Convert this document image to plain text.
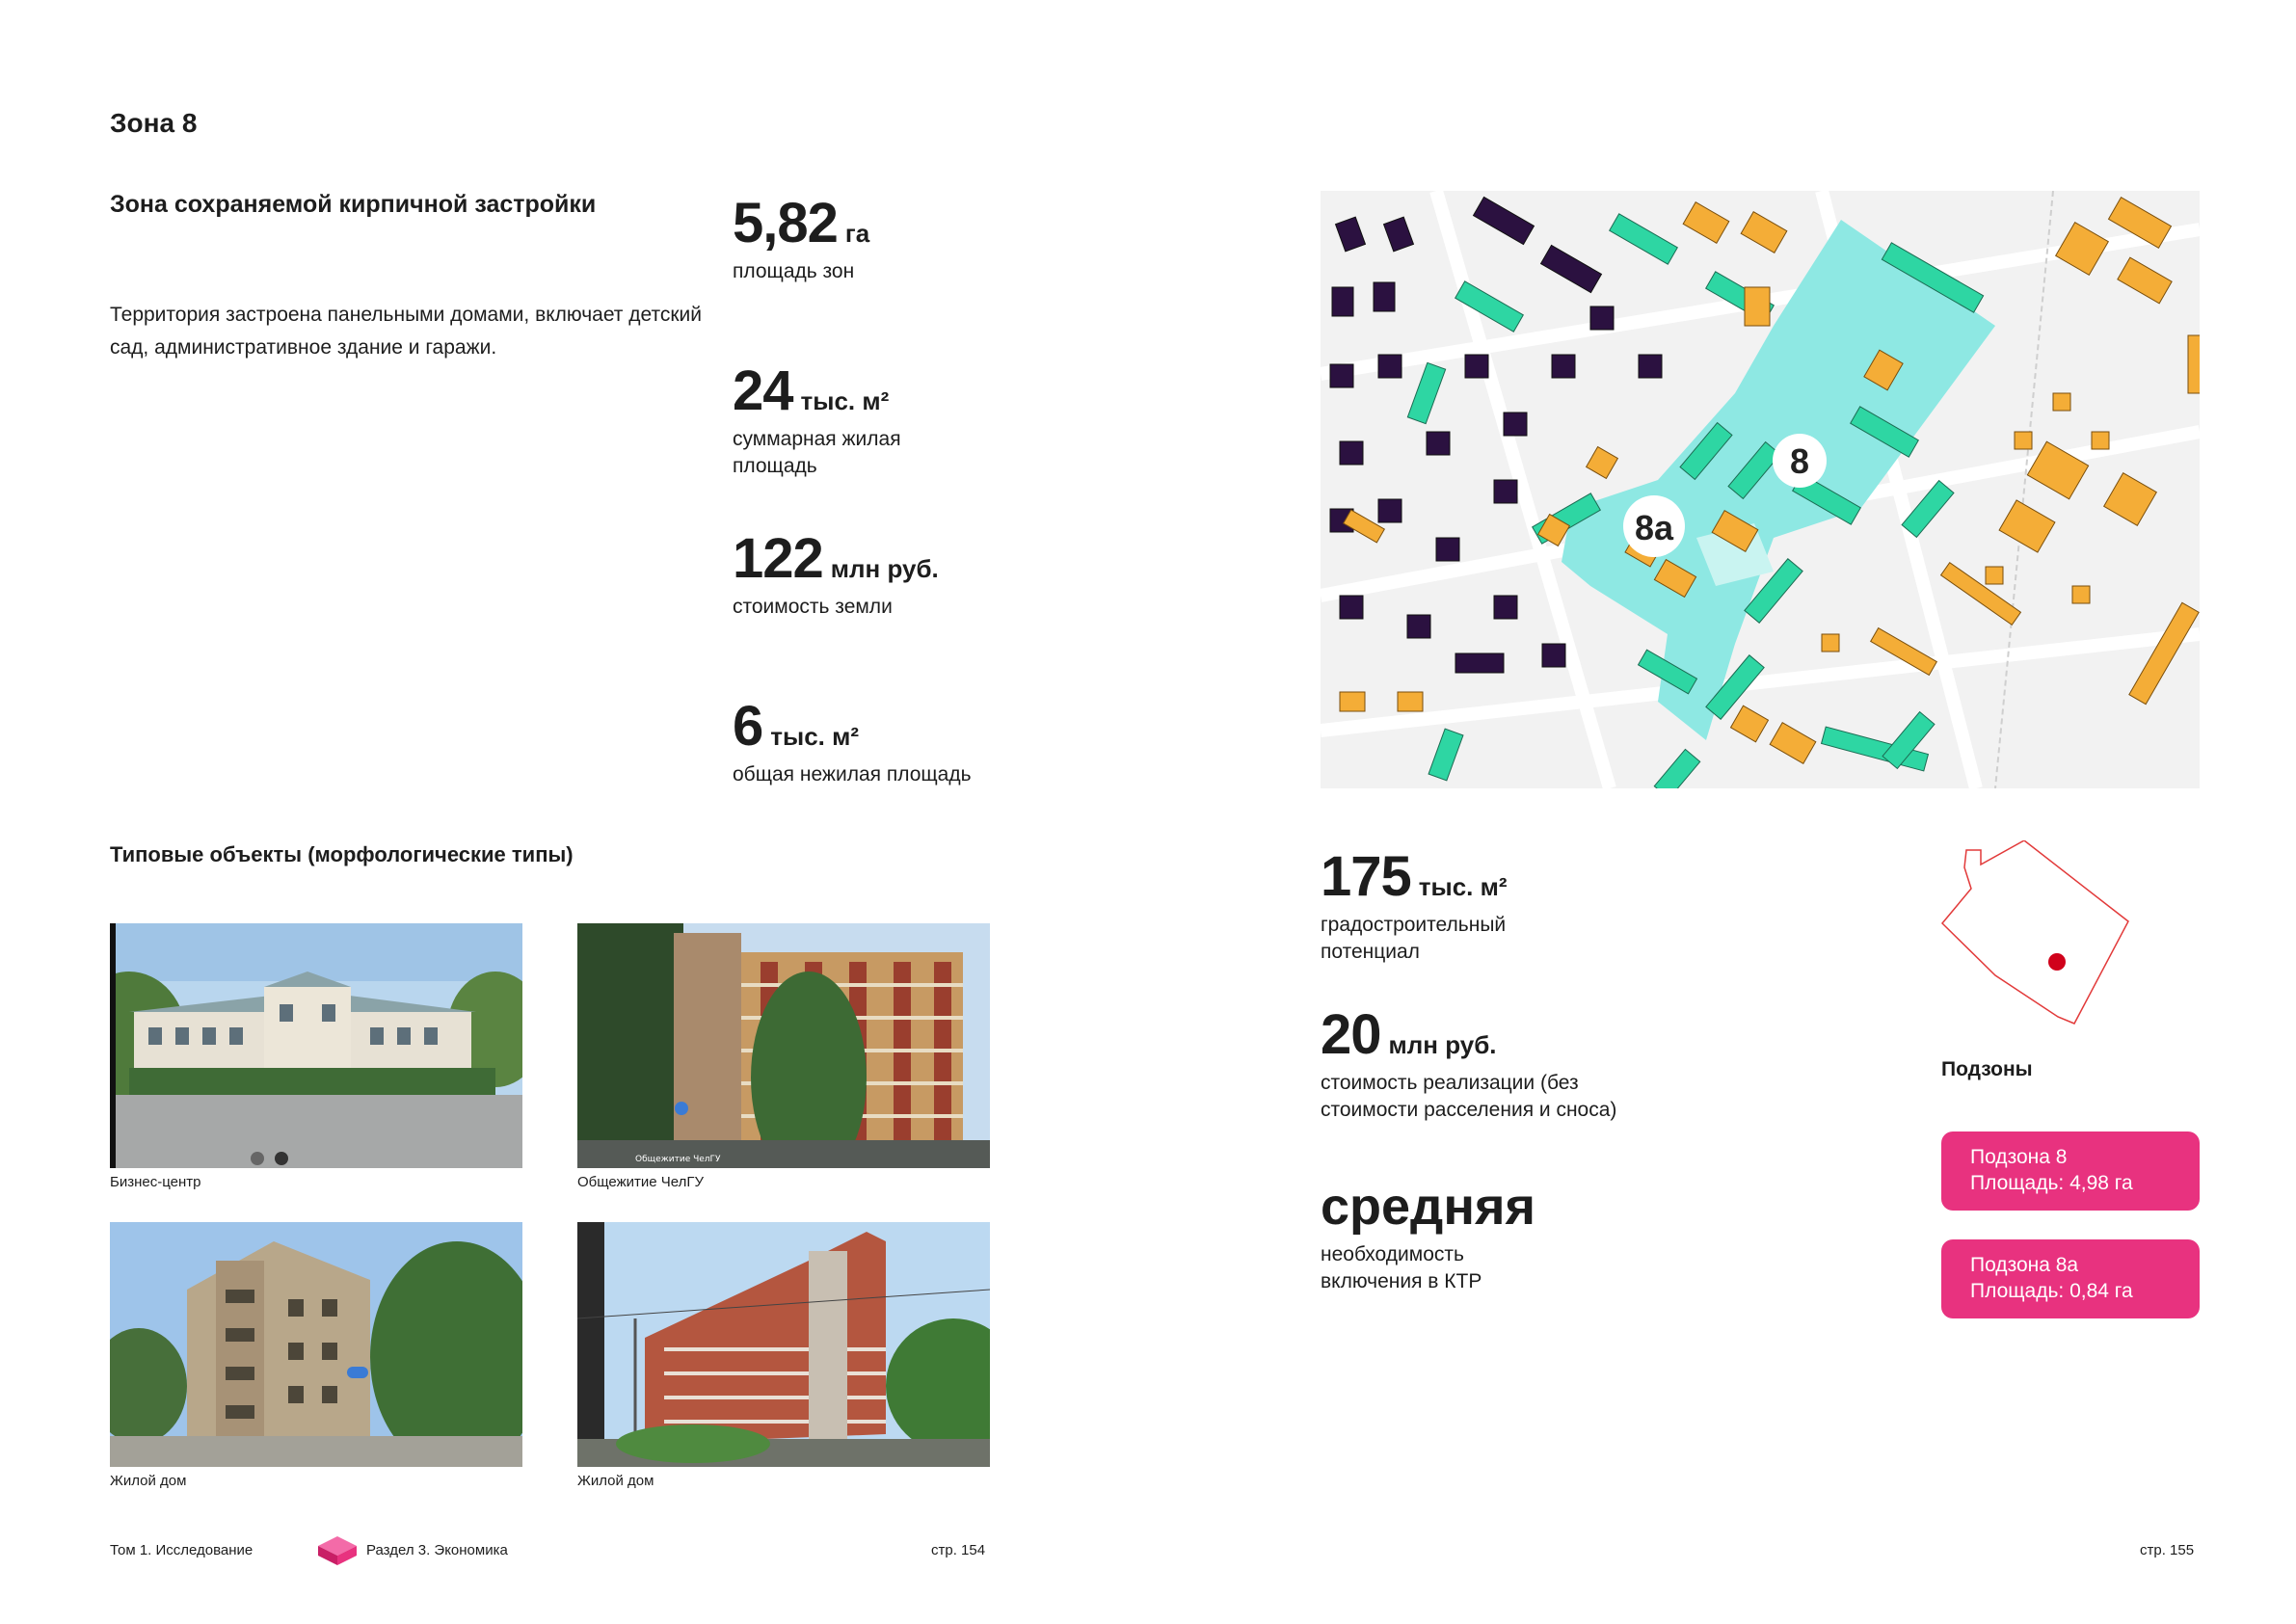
Зона 8
Зона сохраняемой кирпичной застройки
Территория застроена панельными домами, включает детский сад, административное здание и гаражи.
5,82 га
площадь зон
24 тыс. м²
суммарная жилая площадь
122 млн руб.
стоимость земли
6 тыс. м²
общая нежилая площадь
Типовые объекты (морфологические типы)
Бизнес-центр
Общежитие ЧелГУ
Общежитие ЧелГУ
Жилой дом	Жилой дом
Том 1. Исследование	Раздел 3. Экономика	стр. 154
8
8а
175 тыс. м²
градостроительный потенциал
20 млн руб.
стоимость реализации (без стоимости расселения и сноса)
средняя
необходимость включения в КТР
Подзоны
Подзона 8
Площадь: 4,98 га
Подзона 8а
Площадь: 0,84 га
стр. 155
